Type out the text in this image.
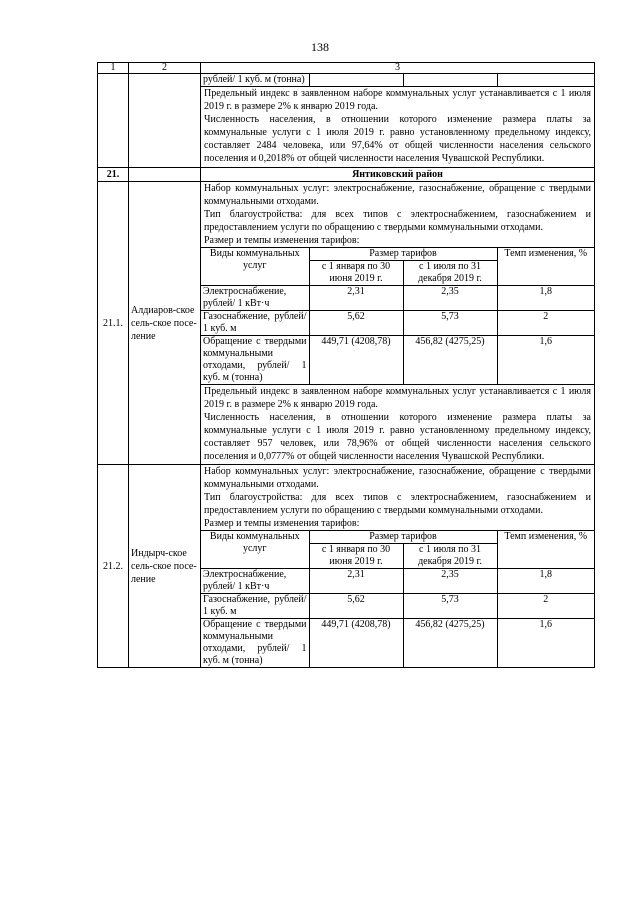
138
1	2	3

рублей/ 1 куб. м (тонна)			
Предельный индекс в заявленном наборе коммунальных услуг устанавливается с 1 июля 2019 г. в размере 2% к январю 2019 года.
Численность населения, в отношении которого изменение размера платы за коммунальные услуги с 1 июля 2019 г. равно установленному предельному индексу, составляет 2484 человека, или 97,64% от общей численности населения сельского поселения и 0,2018% от общей численности населения Чувашской Республики.

21.		Янтиковский район
21.1.	Алдиаров-ское сель-ское посе-ление	
Набор коммунальных услуг: электроснабжение, газоснабжение, обращение с твердыми коммунальными отходами.
Тип благоустройства: для всех типов с электроснабжением, газоснабжением и предоставлением услуги по обращению с твердыми коммунальными отходами.
Размер и темпы изменения тарифов:
Виды коммунальных услуг	Размер тарифов	Темп изменения, %
с 1 января по 30 июня 2019 г.	с 1 июля по 31 декабря 2019 г.
Электроснабжение, рублей/ 1 кВт·ч	2,31	2,35	1,8
Газоснабжение, рублей/ 1 куб. м	5,62	5,73	2
Обращение с твердыми коммунальными отходами, рублей/ 1 куб. м (тонна)	449,71 (4208,78)	456,82 (4275,25)	1,6
Предельный индекс в заявленном наборе коммунальных услуг устанавливается с 1 июля 2019 г. в размере 2% к январю 2019 года.
Численность населения, в отношении которого изменение размера платы за коммунальные услуги с 1 июля 2019 г. равно установленному предельному индексу, составляет 957 человек, или 78,96% от общей численности населения сельского поселения и 0,0777% от общей численности населения Чувашской Республики.

21.2.	Индырч-ское сель-ское посе-ление	
Набор коммунальных услуг: электроснабжение, газоснабжение, обращение с твердыми коммунальными отходами.
Тип благоустройства: для всех типов с электроснабжением, газоснабжением и предоставлением услуги по обращению с твердыми коммунальными отходами.
Размер и темпы изменения тарифов:
Виды коммунальных услуг	Размер тарифов	Темп изменения, %
с 1 января по 30 июня 2019 г.	с 1 июля по 31 декабря 2019 г.
Электроснабжение, рублей/ 1 кВт·ч	2,31	2,35	1,8
Газоснабжение, рублей/ 1 куб. м	5,62	5,73	2
Обращение с твердыми коммунальными отходами, рублей/ 1 куб. м (тонна)	449,71 (4208,78)	456,82 (4275,25)	1,6
